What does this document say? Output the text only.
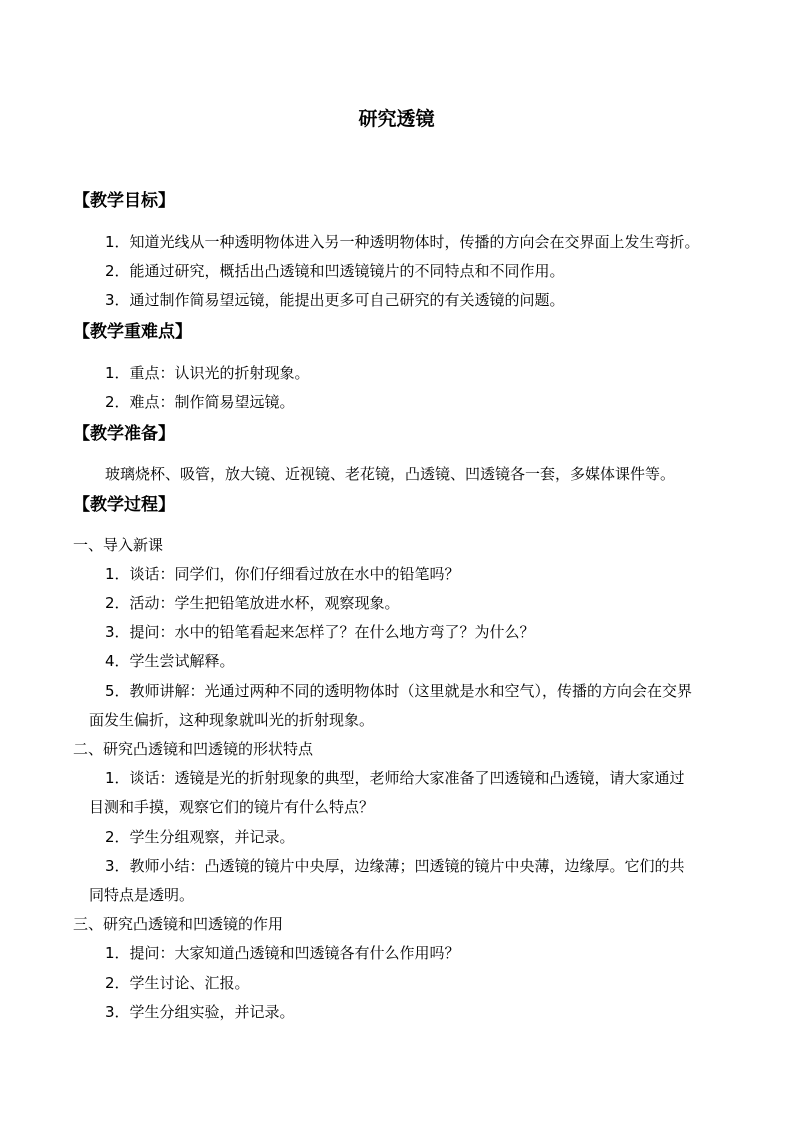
研究透镜
【教学目标】
1．知道光线从一种透明物体进入另一种透明物体时，传播的方向会在交界面上发生弯折。
2．能通过研究，概括出凸透镜和凹透镜镜片的不同特点和不同作用。
3．通过制作简易望远镜，能提出更多可自己研究的有关透镜的问题。
【教学重难点】
1．重点：认识光的折射现象。
2．难点：制作简易望远镜。
【教学准备】
玻璃烧杯、吸管，放大镜、近视镜、老花镜，凸透镜、凹透镜各一套，多媒体课件等。
【教学过程】
一、导入新课
1．谈话：同学们，你们仔细看过放在水中的铅笔吗？
2．活动：学生把铅笔放进水杯，观察现象。
3．提问：水中的铅笔看起来怎样了？在什么地方弯了？为什么？
4．学生尝试解释。
5．教师讲解：光通过两种不同的透明物体时（这里就是水和空气），传播的方向会在交界
面发生偏折，这种现象就叫光的折射现象。
二、研究凸透镜和凹透镜的形状特点
1．谈话：透镜是光的折射现象的典型，老师给大家准备了凹透镜和凸透镜，请大家通过
目测和手摸，观察它们的镜片有什么特点？
2．学生分组观察，并记录。
3．教师小结：凸透镜的镜片中央厚，边缘薄；凹透镜的镜片中央薄，边缘厚。它们的共
同特点是透明。
三、研究凸透镜和凹透镜的作用
1．提问：大家知道凸透镜和凹透镜各有什么作用吗？
2．学生讨论、汇报。
3．学生分组实验，并记录。
